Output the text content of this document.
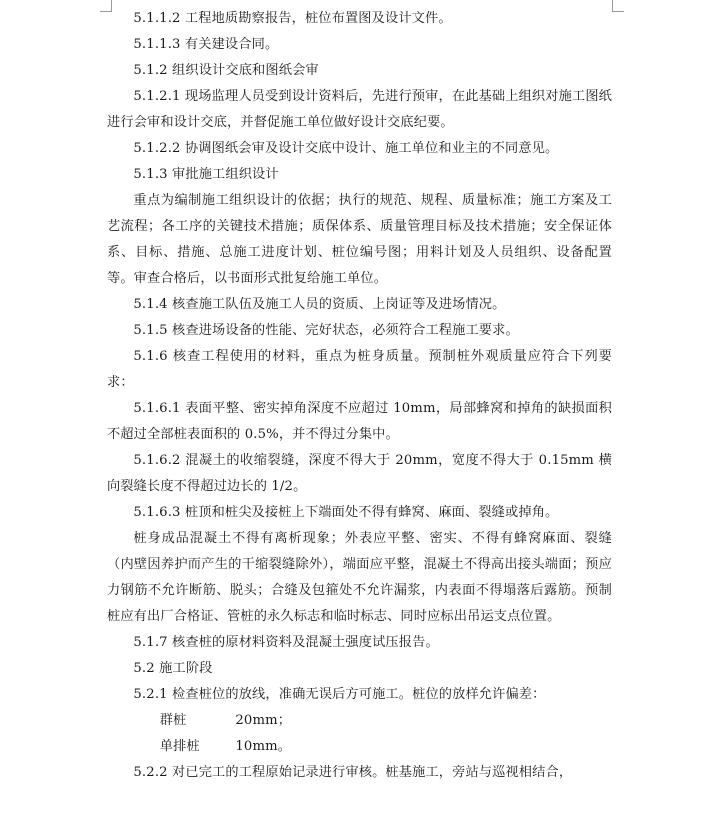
5.1.1.2 工程地质勘察报告，桩位布置图及设计文件。

5.1.1.3 有关建设合同。

5.1.2 组织设计交底和图纸会审

5.1.2.1 现场监理人员受到设计资料后，先进行预审，在此基础上组织对施工图纸进行会审和设计交底，并督促施工单位做好设计交底纪要。

5.1.2.2 协调图纸会审及设计交底中设计、施工单位和业主的不同意见。

5.1.3 审批施工组织设计

重点为编制施工组织设计的依据；执行的规范、规程、质量标准；施工方案及工艺流程；各工序的关键技术措施；质保体系、质量管理目标及技术措施；安全保证体系、目标、措施、总施工进度计划、桩位编号图；用料计划及人员组织、设备配置等。审查合格后，以书面形式批复给施工单位。

5.1.4 核查施工队伍及施工人员的资质、上岗证等及进场情况。

5.1.5 核查进场设备的性能、完好状态，必须符合工程施工要求。

5.1.6 核查工程使用的材料，重点为桩身质量。预制桩外观质量应符合下列要求：

5.1.6.1 表面平整、密实掉角深度不应超过 10mm，局部蜂窝和掉角的缺损面积不超过全部桩表面积的 0.5%，并不得过分集中。

5.1.6.2 混凝土的收缩裂缝，深度不得大于 20mm，宽度不得大于 0.15mm 横向裂缝长度不得超过边长的 1/2。

5.1.6.3 桩顶和桩尖及接桩上下端面处不得有蜂窝、麻面、裂缝或掉角。

桩身成品混凝土不得有离析现象；外表应平整、密实、不得有蜂窝麻面、裂缝（内壁因养护而产生的干缩裂缝除外），端面应平整，混凝土不得高出接头端面；预应力钢筋不允许断筋、脱头；合缝及包箍处不允许漏浆，内表面不得塌落后露筋。预制桩应有出厂合格证、管桩的永久标志和临时标志、同时应标出吊运支点位置。

5.1.7 核查桩的原材料资料及混凝土强度试压报告。

5.2 施工阶段

5.2.1 检查桩位的放线，准确无误后方可施工。桩位的放样允许偏差：

群桩	20mm；

单排桩	10mm。

5.2.2 对已完工的工程原始记录进行审核。桩基施工，旁站与巡视相结合，
